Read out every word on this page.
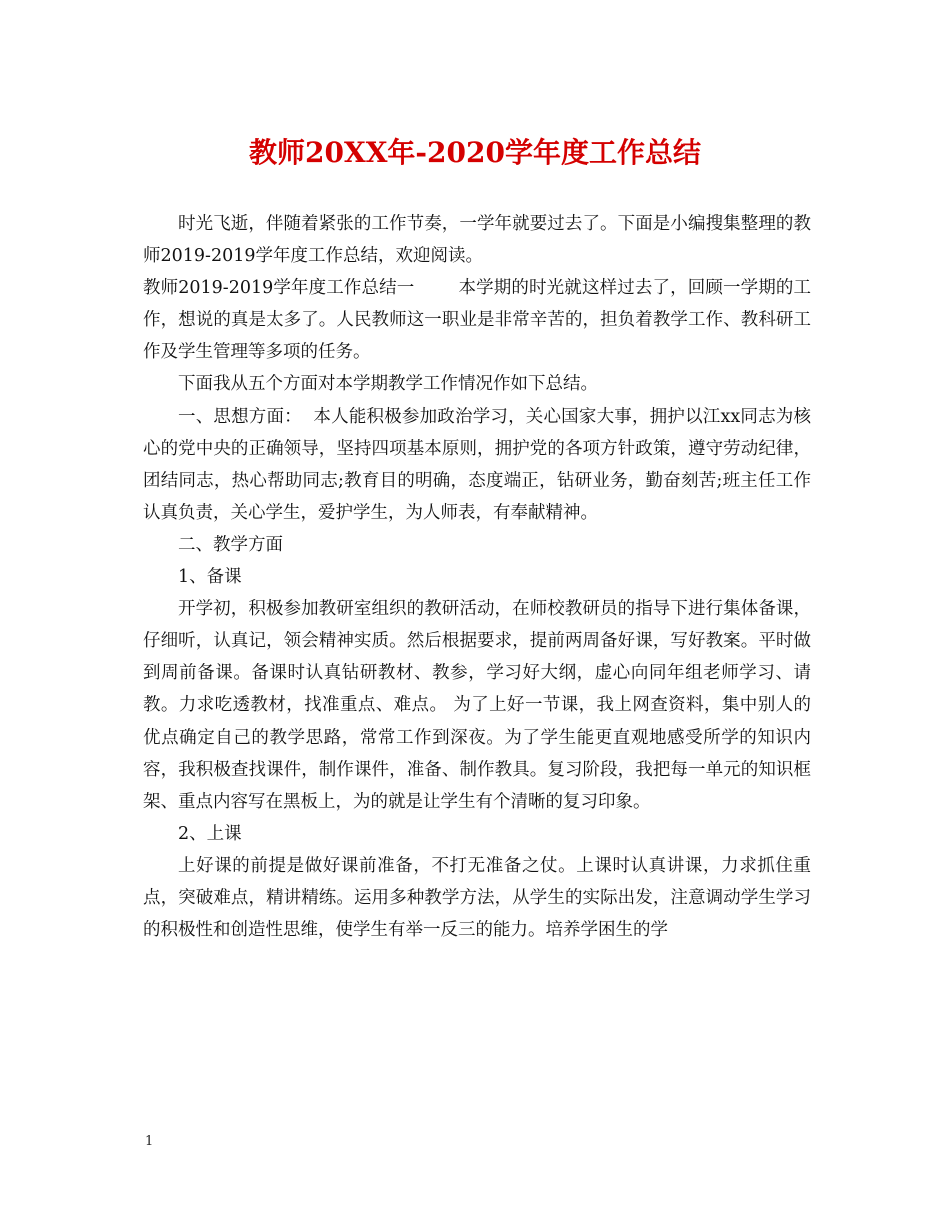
教师20XX年-2020学年度工作总结

时光飞逝，伴随着紧张的工作节奏，一学年就要过去了。下面是小编搜集整理的教师2019-2019学年度工作总结，欢迎阅读。

教师2019-2019学年度工作总结一	本学期的时光就这样过去了，回顾一学期的工作，想说的真是太多了。人民教师这一职业是非常辛苦的，担负着教学工作、教科研工作及学生管理等多项的任务。

下面我从五个方面对本学期教学工作情况作如下总结。

一、思想方面： 本人能积极参加政治学习，关心国家大事，拥护以江xx同志为核心的党中央的正确领导，坚持四项基本原则，拥护党的各项方针政策，遵守劳动纪律，团结同志，热心帮助同志;教育目的明确，态度端正，钻研业务，勤奋刻苦;班主任工作认真负责，关心学生，爱护学生，为人师表，有奉献精神。

二、教学方面

1、备课

开学初，积极参加教研室组织的教研活动，在师校教研员的指导下进行集体备课，仔细听，认真记，领会精神实质。然后根据要求，提前两周备好课，写好教案。平时做到周前备课。备课时认真钻研教材、教参，学习好大纲，虚心向同年组老师学习、请教。力求吃透教材，找准重点、难点。 为了上好一节课，我上网查资料，集中别人的优点确定自己的教学思路，常常工作到深夜。为了学生能更直观地感受所学的知识内容，我积极查找课件，制作课件，准备、制作教具。复习阶段，我把每一单元的知识框架、重点内容写在黑板上，为的就是让学生有个清晰的复习印象。

2、上课

上好课的前提是做好课前准备，不打无准备之仗。上课时认真讲课，力求抓住重点，突破难点，精讲精练。运用多种教学方法，从学生的实际出发，注意调动学生学习的积极性和创造性思维，使学生有举一反三的能力。培养学困生的学

1
